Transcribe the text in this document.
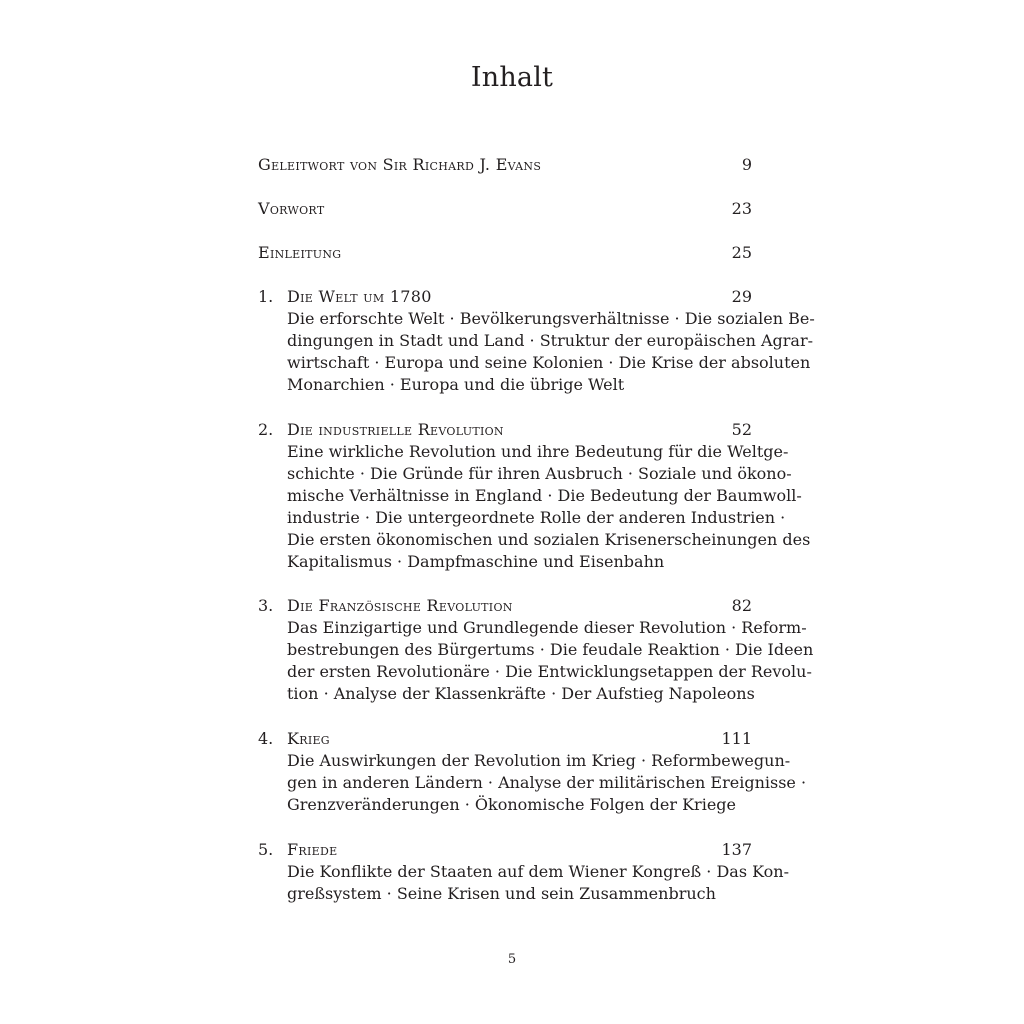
Inhalt
Geleitwort von Sir Richard J. Evans	9
Vorwort	23
Einleitung	25
1. Die Welt um 1780	29
Die erforschte Welt · Bevölkerungsverhältnisse · Die sozialen Be-
dingungen in Stadt und Land · Struktur der europäischen Agrar-
wirtschaft · Europa und seine Kolonien · Die Krise der absoluten
Monarchien · Europa und die übrige Welt
2. Die industrielle Revolution	52
Eine wirkliche Revolution und ihre Bedeutung für die Weltge-
schichte · Die Gründe für ihren Ausbruch · Soziale und ökono-
mische Verhältnisse in England · Die Bedeutung der Baumwoll-
industrie · Die untergeordnete Rolle der anderen Industrien ·
Die ersten ökonomischen und sozialen Krisenerscheinungen des
Kapitalismus · Dampfmaschine und Eisenbahn
3. Die Französische Revolution	82
Das Einzigartige und Grundlegende dieser Revolution · Reform-
bestrebungen des Bürgertums · Die feudale Reaktion · Die Ideen
der ersten Revolutionäre · Die Entwicklungsetappen der Revolu-
tion · Analyse der Klassenkräfte · Der Aufstieg Napoleons
4. Krieg	111
Die Auswirkungen der Revolution im Krieg · Reformbewegun-
gen in anderen Ländern · Analyse der militärischen Ereignisse ·
Grenzveränderungen · Ökonomische Folgen der Kriege
5. Friede	137
Die Konflikte der Staaten auf dem Wiener Kongreß · Das Kon-
greßsystem · Seine Krisen und sein Zusammenbruch
5
